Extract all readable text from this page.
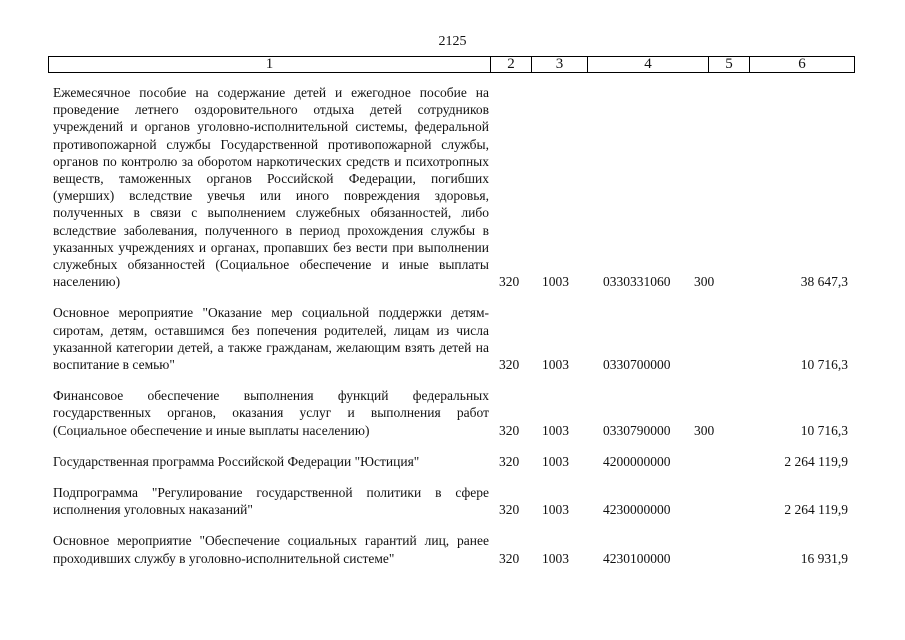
2125
1	2	3	4	5	6
Ежемесячное пособие на содержание детей и ежегодное пособие на проведение летнего оздоровительного отдыха детей сотрудников учреждений и органов уголовно-исполнительной системы, федеральной противопожарной службы Государственной противопожарной службы, органов по контролю за оборотом наркотических средств и психотропных веществ, таможенных органов Российской Федерации, погибших (умерших) вследствие увечья или иного повреждения здоровья, полученных в связи с выполнением служебных обязанностей, либо вследствие заболевания, полученного в период прохождения службы в указанных учреждениях и органах, пропавших без вести при выполнении служебных обязанностей (Социальное обеспечение и иные выплаты населению)	320 1003	0330331060 300	38 647,3
Основное мероприятие "Оказание мер социальной поддержки детям-сиротам, детям, оставшимся без попечения родителей, лицам из числа указанной категории детей, а также гражданам, желающим взять детей на воспитание в семью"	320 1003	0330700000	10 716,3
Финансовое обеспечение выполнения функций федеральных государственных органов, оказания услуг и выполнения работ (Социальное обеспечение и иные выплаты населению)	320 1003	0330790000 300	10 716,3
Государственная программа Российской Федерации "Юстиция"	320 1003	4200000000	2 264 119,9
Подпрограмма "Регулирование государственной политики в сфере исполнения уголовных наказаний"	320 1003	4230000000	2 264 119,9
Основное мероприятие "Обеспечение социальных гарантий лиц, ранее проходивших службу в уголовно-исполнительной системе"	320 1003	4230100000	16 931,9
